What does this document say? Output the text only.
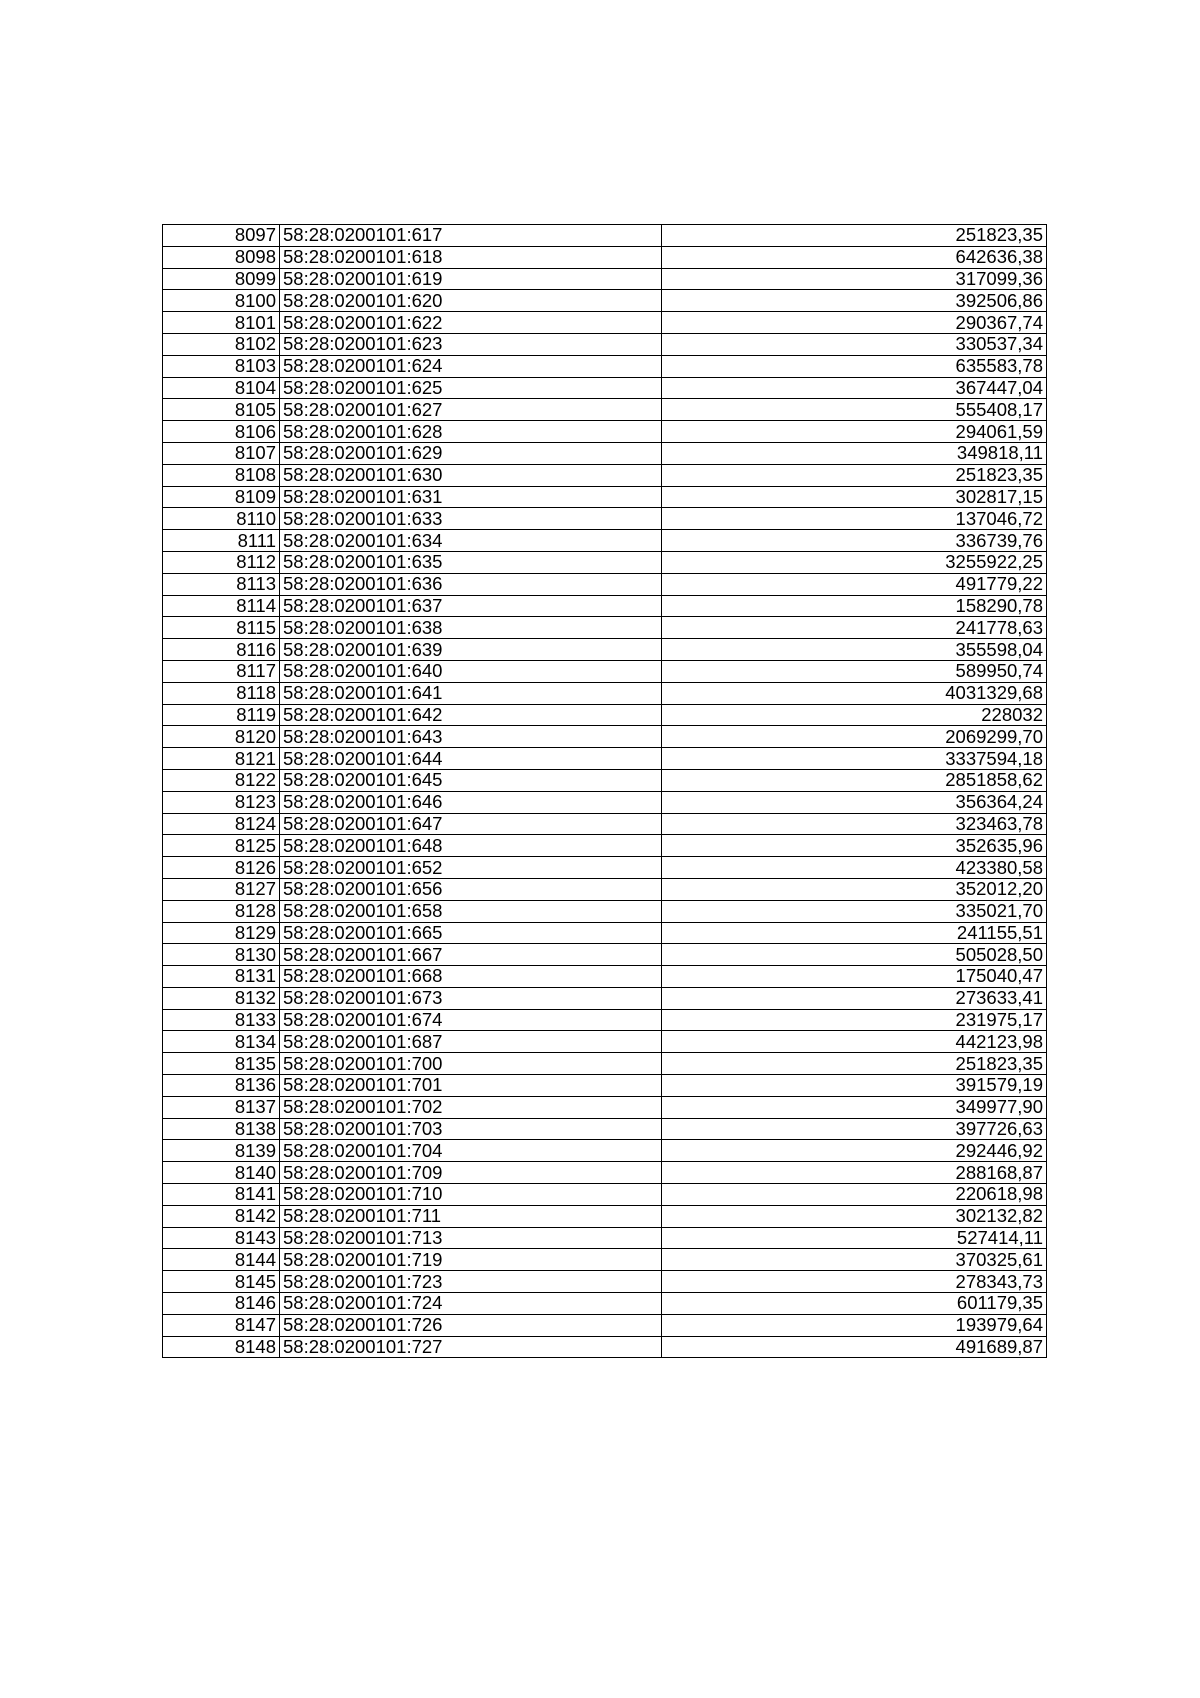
8097	58:28:0200101:617	251823,35
8098	58:28:0200101:618	642636,38
8099	58:28:0200101:619	317099,36
8100	58:28:0200101:620	392506,86
8101	58:28:0200101:622	290367,74
8102	58:28:0200101:623	330537,34
8103	58:28:0200101:624	635583,78
8104	58:28:0200101:625	367447,04
8105	58:28:0200101:627	555408,17
8106	58:28:0200101:628	294061,59
8107	58:28:0200101:629	349818,11
8108	58:28:0200101:630	251823,35
8109	58:28:0200101:631	302817,15
8110	58:28:0200101:633	137046,72
8111	58:28:0200101:634	336739,76
8112	58:28:0200101:635	3255922,25
8113	58:28:0200101:636	491779,22
8114	58:28:0200101:637	158290,78
8115	58:28:0200101:638	241778,63
8116	58:28:0200101:639	355598,04
8117	58:28:0200101:640	589950,74
8118	58:28:0200101:641	4031329,68
8119	58:28:0200101:642	228032
8120	58:28:0200101:643	2069299,70
8121	58:28:0200101:644	3337594,18
8122	58:28:0200101:645	2851858,62
8123	58:28:0200101:646	356364,24
8124	58:28:0200101:647	323463,78
8125	58:28:0200101:648	352635,96
8126	58:28:0200101:652	423380,58
8127	58:28:0200101:656	352012,20
8128	58:28:0200101:658	335021,70
8129	58:28:0200101:665	241155,51
8130	58:28:0200101:667	505028,50
8131	58:28:0200101:668	175040,47
8132	58:28:0200101:673	273633,41
8133	58:28:0200101:674	231975,17
8134	58:28:0200101:687	442123,98
8135	58:28:0200101:700	251823,35
8136	58:28:0200101:701	391579,19
8137	58:28:0200101:702	349977,90
8138	58:28:0200101:703	397726,63
8139	58:28:0200101:704	292446,92
8140	58:28:0200101:709	288168,87
8141	58:28:0200101:710	220618,98
8142	58:28:0200101:711	302132,82
8143	58:28:0200101:713	527414,11
8144	58:28:0200101:719	370325,61
8145	58:28:0200101:723	278343,73
8146	58:28:0200101:724	601179,35
8147	58:28:0200101:726	193979,64
8148	58:28:0200101:727	491689,87
